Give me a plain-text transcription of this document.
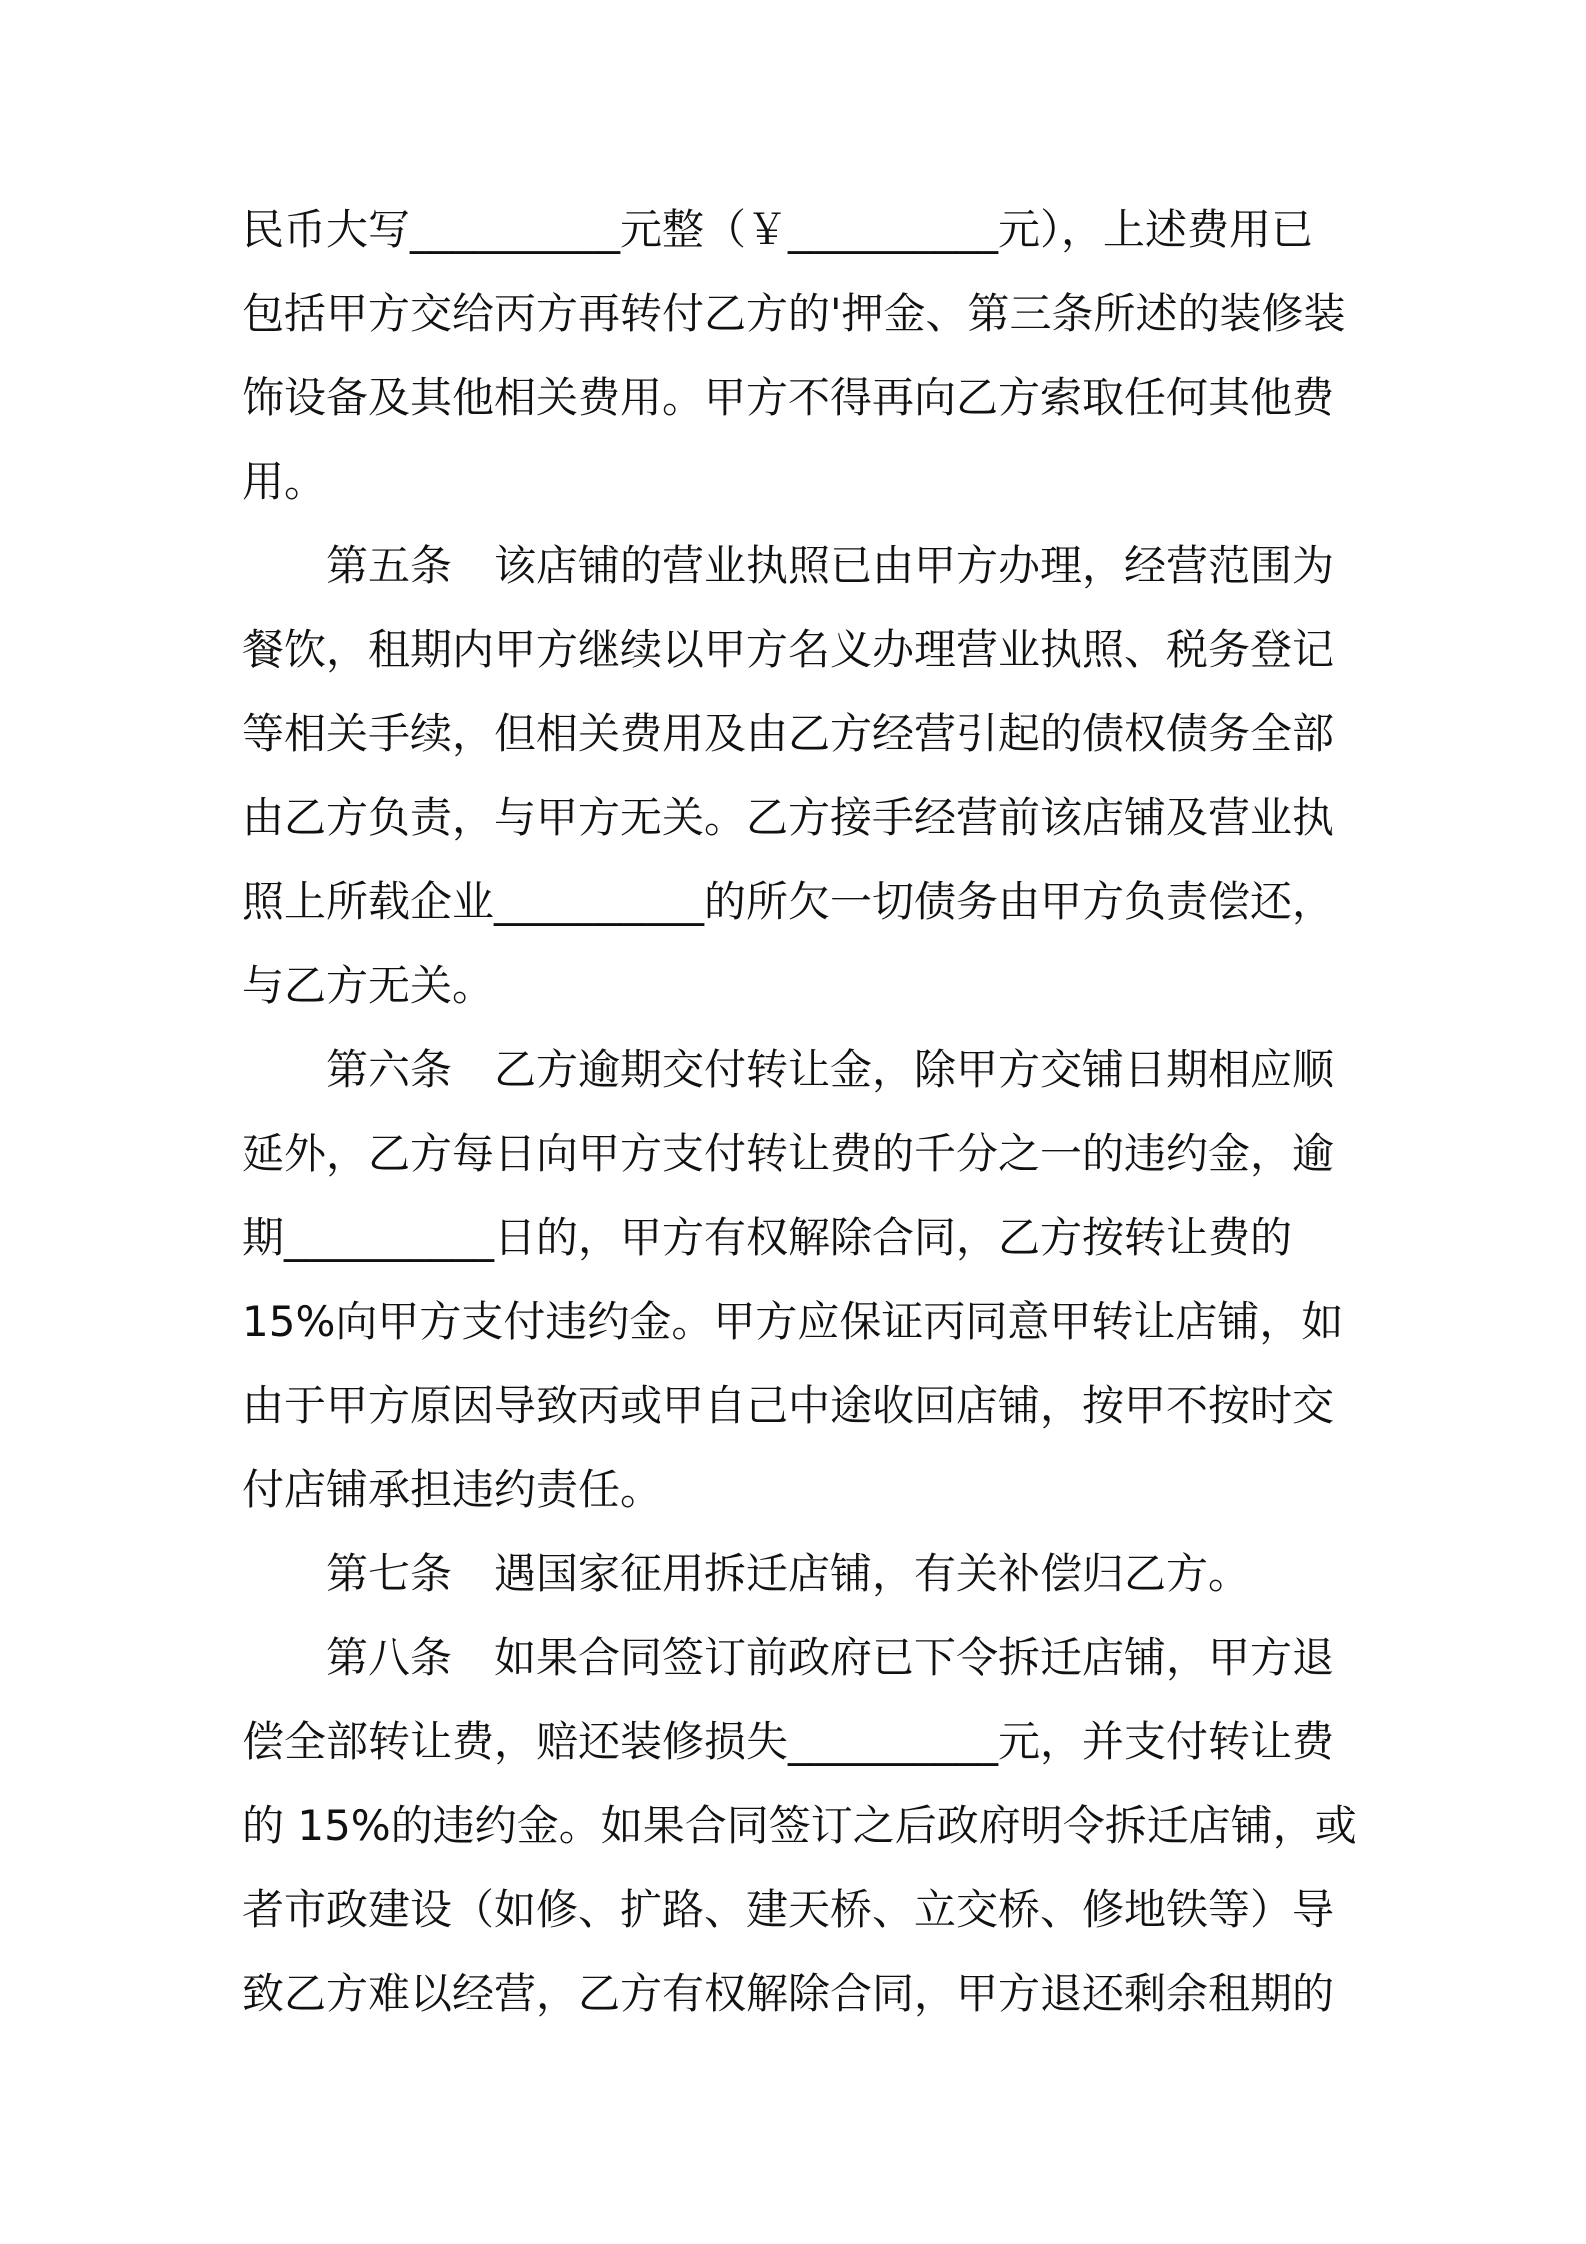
民币大写__________元整（￥__________元），上述费用已
包括甲方交给丙方再转付乙方的'押金、第三条所述的装修装
饰设备及其他相关费用。甲方不得再向乙方索取任何其他费
用。
第五条 该店铺的营业执照已由甲方办理，经营范围为
餐饮，租期内甲方继续以甲方名义办理营业执照、税务登记
等相关手续，但相关费用及由乙方经营引起的债权债务全部
由乙方负责，与甲方无关。乙方接手经营前该店铺及营业执
照上所载企业__________的所欠一切债务由甲方负责偿还，
与乙方无关。
第六条 乙方逾期交付转让金，除甲方交铺日期相应顺
延外，乙方每日向甲方支付转让费的千分之一的违约金，逾
期__________日的，甲方有权解除合同，乙方按转让费的
15%向甲方支付违约金。甲方应保证丙同意甲转让店铺，如
由于甲方原因导致丙或甲自己中途收回店铺，按甲不按时交
付店铺承担违约责任。
第七条 遇国家征用拆迁店铺，有关补偿归乙方。
第八条 如果合同签订前政府已下令拆迁店铺，甲方退
偿全部转让费，赔还装修损失__________元，并支付转让费
的 15%的违约金。如果合同签订之后政府明令拆迁店铺，或
者市政建设（如修、扩路、建天桥、立交桥、修地铁等）导
致乙方难以经营，乙方有权解除合同，甲方退还剩余租期的
